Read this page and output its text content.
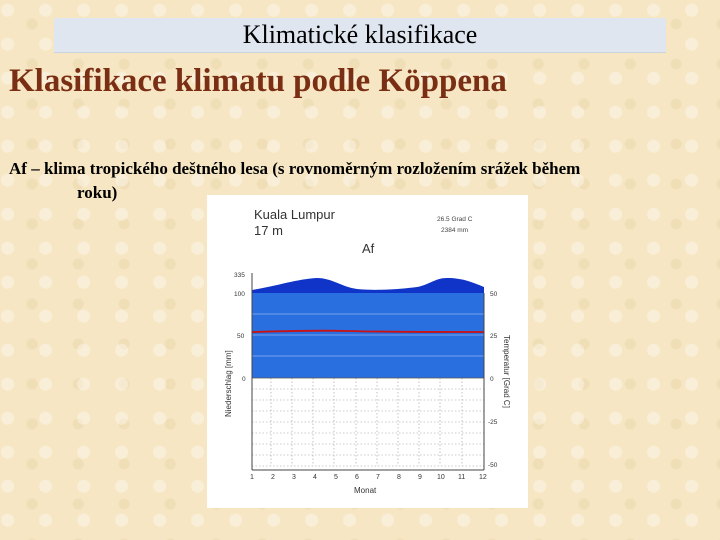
Klimatické klasifikace
Klasifikace klimatu podle Köppena
Af – klima tropického deštného lesa (s rovnoměrným rozložením srážek během
roku)
Kuala Lumpur
17 m
26.5 Grad C
2384 mm
Af
335
100
50
0
50
25
0
-25
-50
Niederschlag [mm]	Temperatur [Grad C]
1 2 3 4 5 6 7 8 9 10 11 12
Monat
